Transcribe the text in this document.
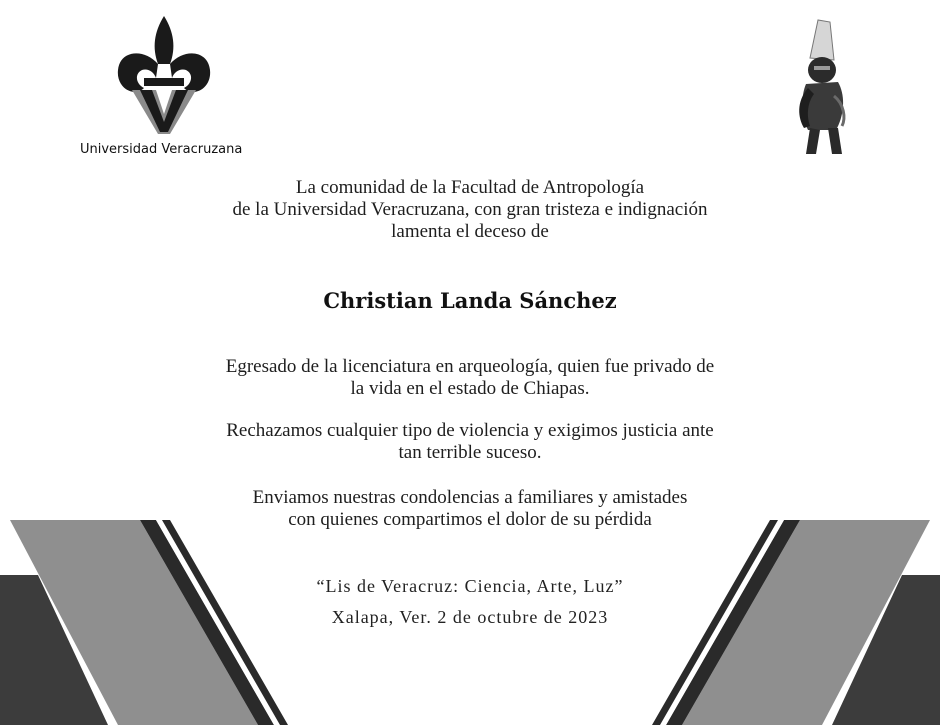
Universidad Veracruzana
La comunidad de la Facultad de Antropología
de la Universidad Veracruzana, con gran tristeza e indignación
lamenta el deceso de
Christian Landa Sánchez
Egresado de la licenciatura en arqueología, quien fue privado de
la vida en el estado de Chiapas.
Rechazamos cualquier tipo de violencia y exigimos justicia ante
tan terrible suceso.
Enviamos nuestras condolencias a familiares y amistades
con quienes compartimos el dolor de su pérdida
“Lis de Veracruz: Ciencia, Arte, Luz”
Xalapa, Ver. 2 de octubre de 2023
